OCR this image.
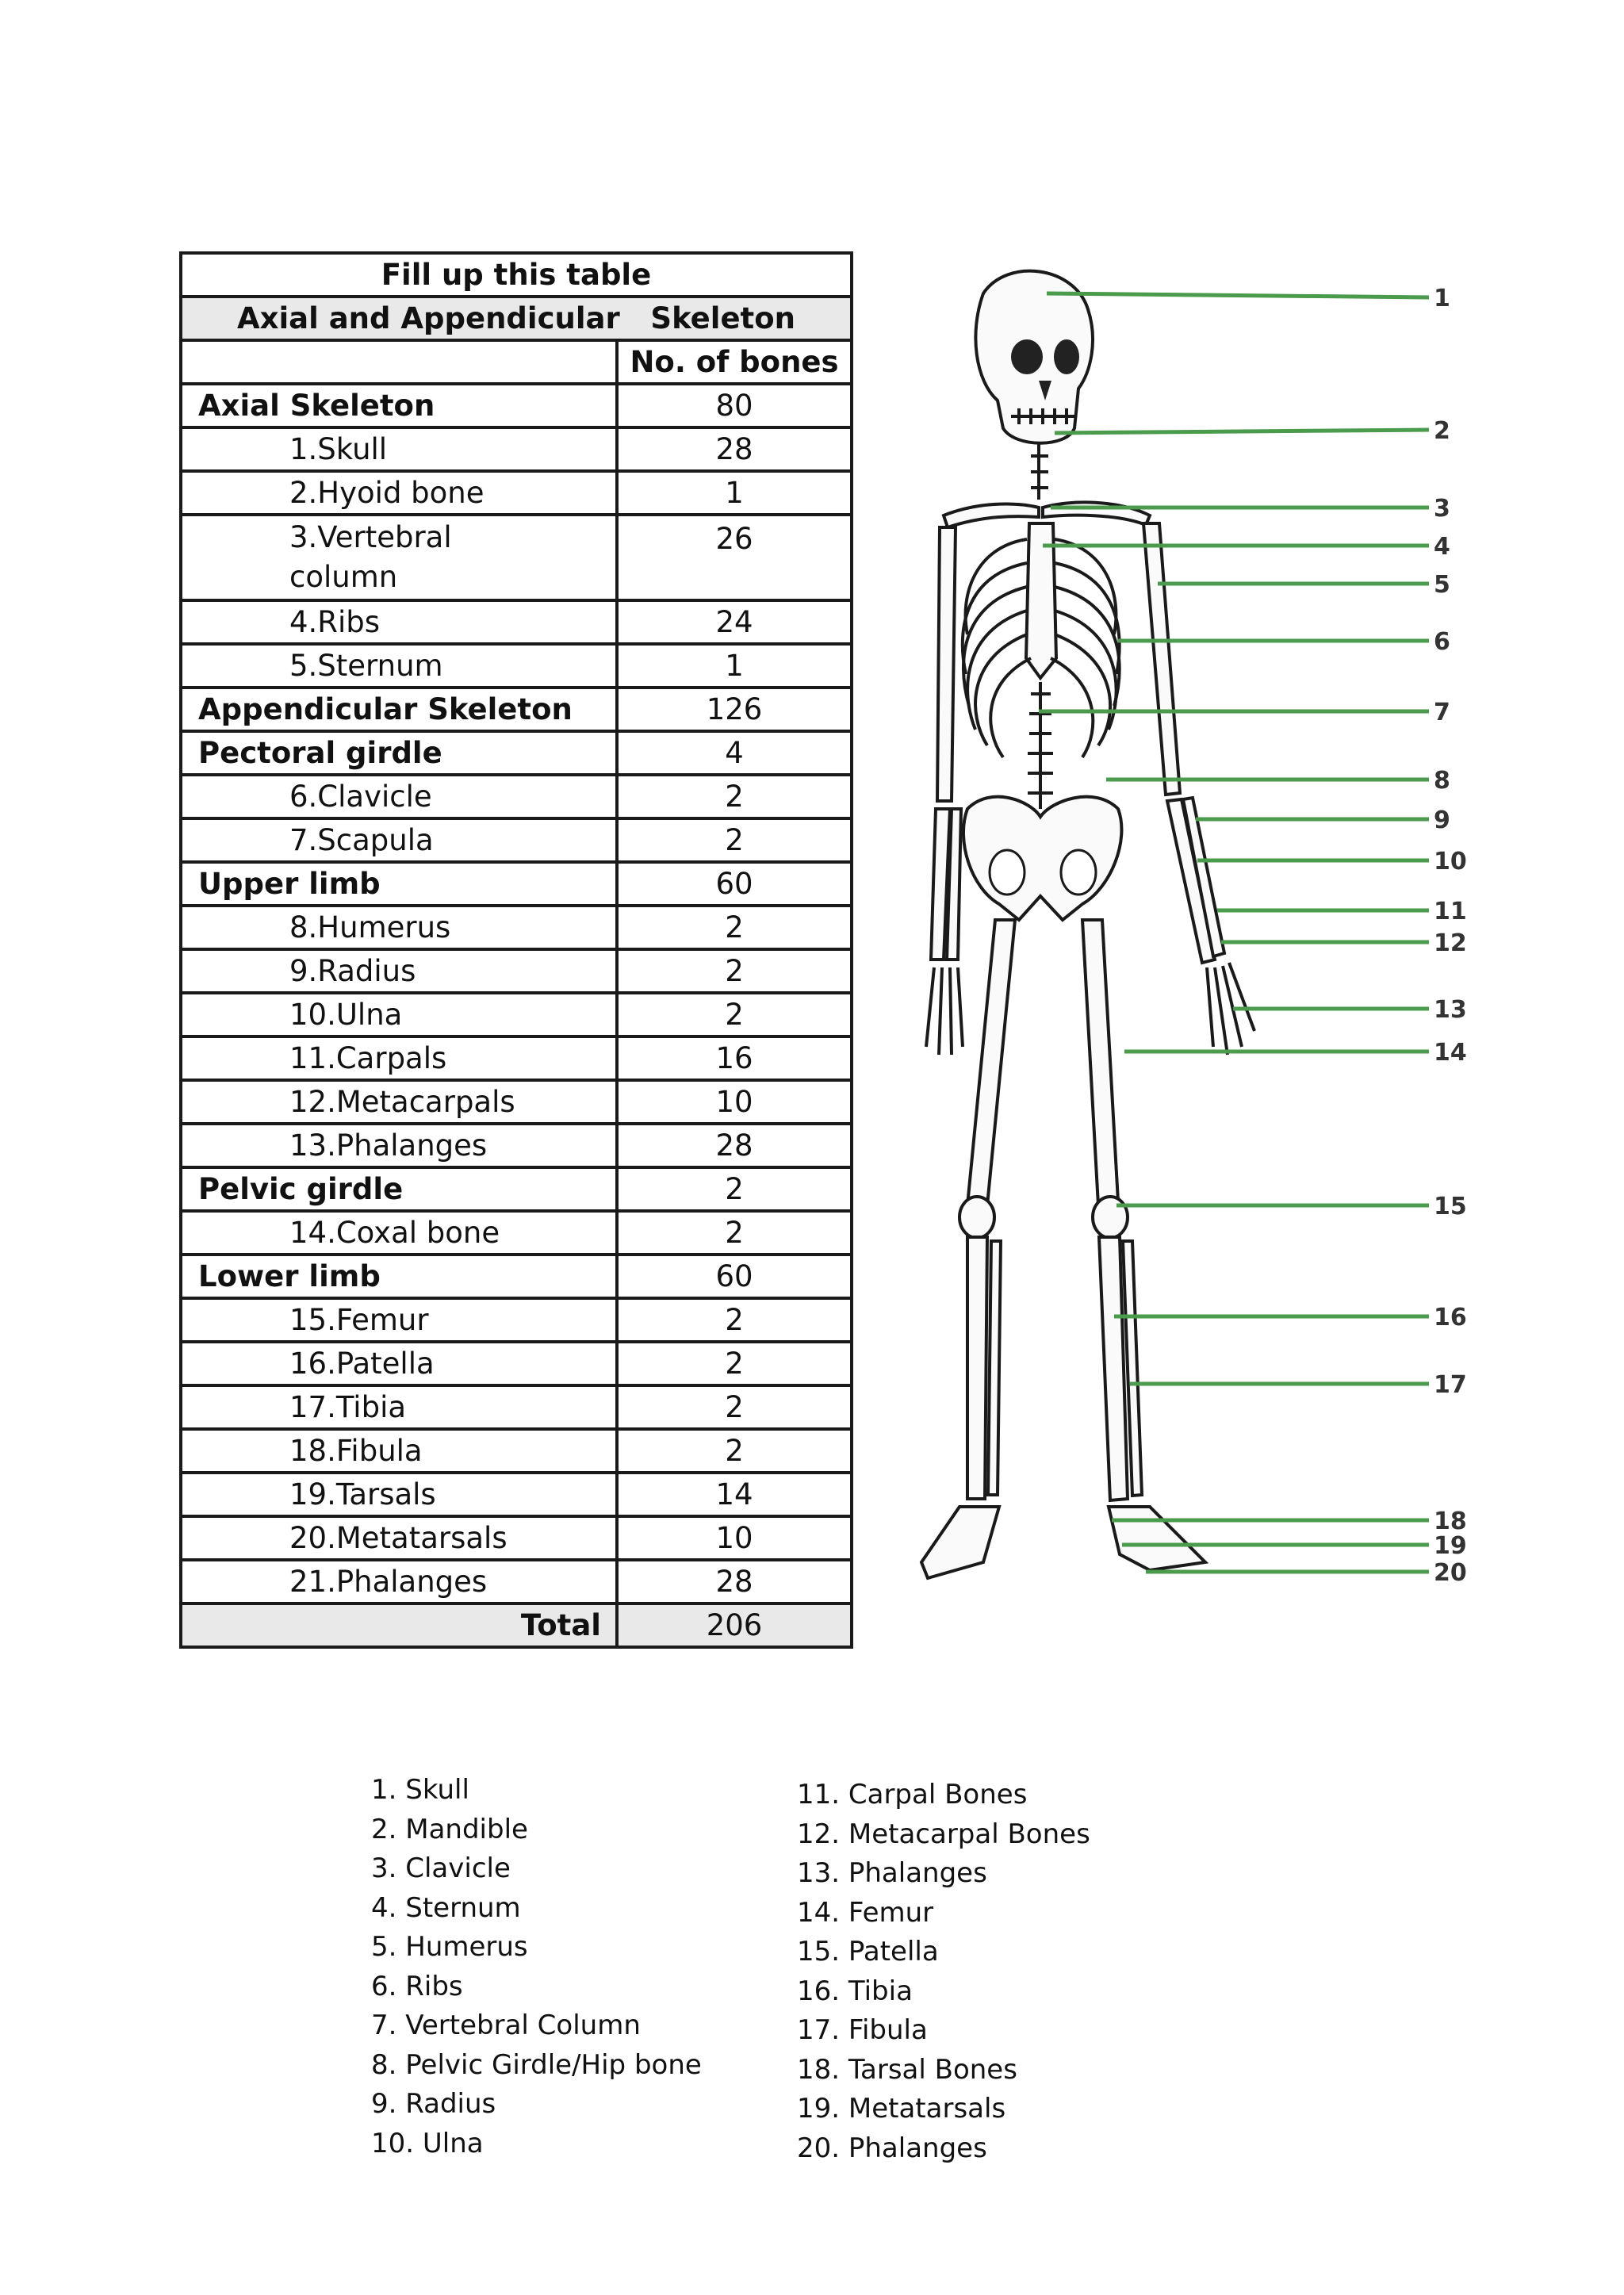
Fill up this table	
Axial and Appendicular   Skeleton	
	No. of bones
Axial Skeleton	80
1.Skull	28
2.Hyoid bone	1

3.Vertebral column	26
4.Ribs	24
5.Sternum	1
Appendicular Skeleton	126
Pectoral girdle	4
6.Clavicle	2
7.Scapula	2
Upper limb	60
8.Humerus	2
9.Radius	2
10.Ulna	2
11.Carpals	16
12.Metacarpals	10
13.Phalanges	28
Pelvic girdle	2
14.Coxal bone	2
Lower limb	60
15.Femur	2
16.Patella	2
17.Tibia	2
18.Fibula	2
19.Tarsals	14
20.Metatarsals	10
21.Phalanges	28
Total	206
1
2
3
4
5
6
7
8
9
10
11
12
13
14
15
16
17
18
19
20
1. Skull
2. Mandible
3. Clavicle
4. Sternum
5. Humerus
6. Ribs
7. Vertebral Column
8. Pelvic Girdle/Hip bone
9. Radius
10. Ulna
11. Carpal Bones
12. Metacarpal Bones
13. Phalanges
14. Femur
15. Patella
16. Tibia
17. Fibula
18. Tarsal Bones
19. Metatarsals
20. Phalanges
